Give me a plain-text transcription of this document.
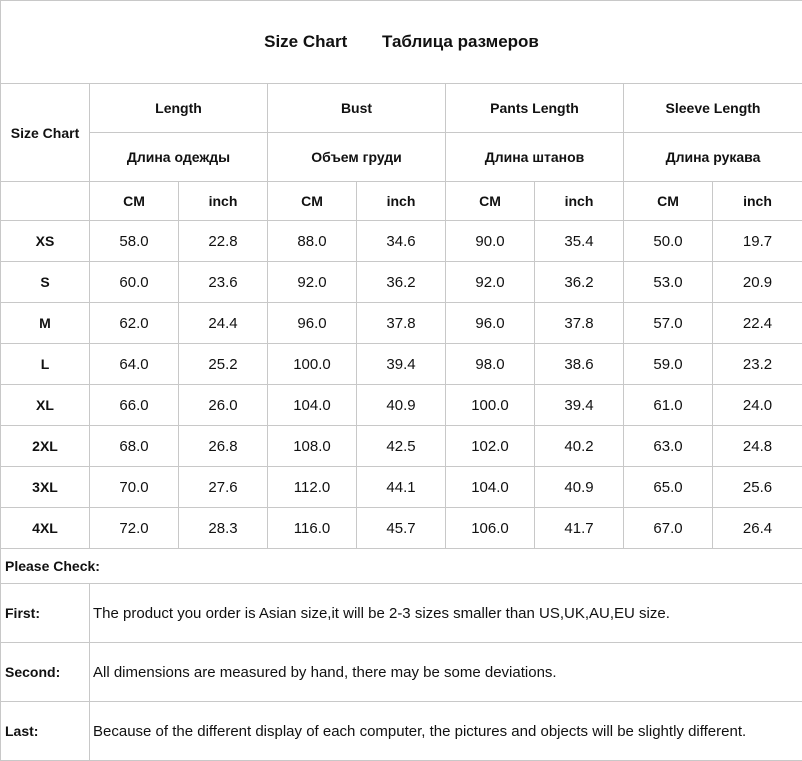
Size Chart Таблица размеров								
Size Chart	Length		Bust		Pants Length		Sleeve Length	
	Длина одежды		Объем груди		Длина штанов		Длина рукава	
	CM	inch	CM	inch	CM	inch	CM	inch
XS	58.0	22.8	88.0	34.6	90.0	35.4	50.0	19.7
S	60.0	23.6	92.0	36.2	92.0	36.2	53.0	20.9
M	62.0	24.4	96.0	37.8	96.0	37.8	57.0	22.4
L	64.0	25.2	100.0	39.4	98.0	38.6	59.0	23.2
XL	66.0	26.0	104.0	40.9	100.0	39.4	61.0	24.0
2XL	68.0	26.8	108.0	42.5	102.0	40.2	63.0	24.8
3XL	70.0	27.6	112.0	44.1	104.0	40.9	65.0	25.6
4XL	72.0	28.3	116.0	45.7	106.0	41.7	67.0	26.4
Please Check:	
First:	The product you order is Asian size,it will be 2-3 sizes smaller than US,UK,AU,EU size.
Second:	All dimensions are measured by hand, there may be some deviations.
Last:	Because of the different display of each computer, the pictures and objects will be slightly different.
